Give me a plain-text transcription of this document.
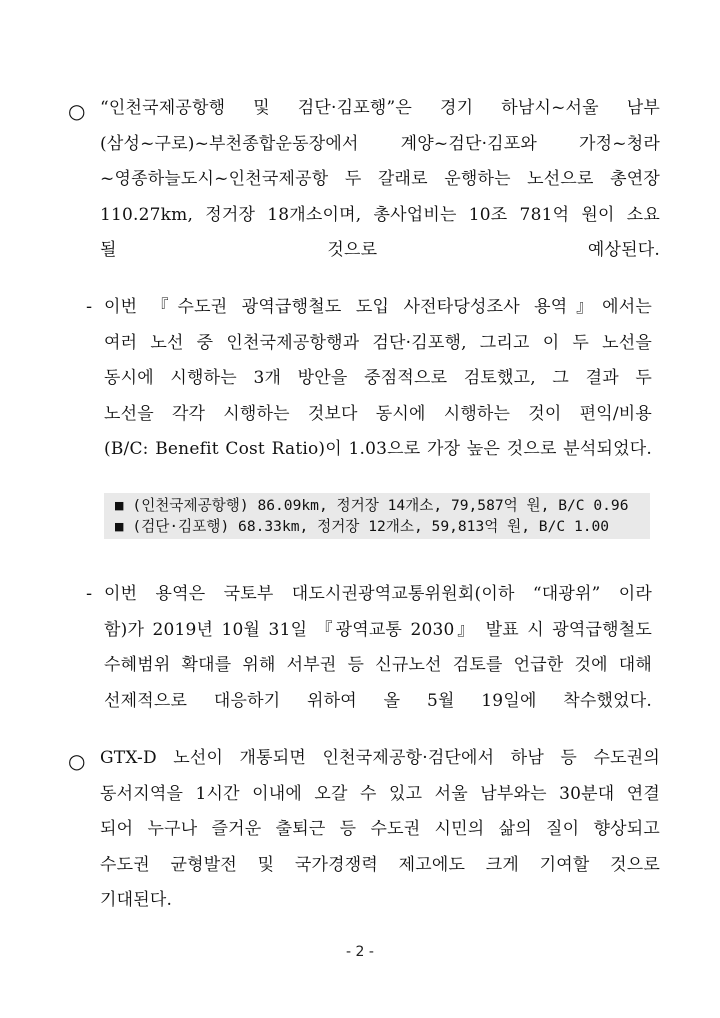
○ “인천국제공항행 및 검단·김포행”은 경기 하남시~서울 남부
(삼성~구로)~부천종합운동장에서 계양~검단·김포와 가정~청라
~영종하늘도시~인천국제공항 두 갈래로 운행하는 노선으로 총연장
110.27km, 정거장 18개소이며, 총사업비는 10조 781억 원이 소요
될 것으로 예상된다.
- 이번 『수도권 광역급행철도 도입 사전타당성조사 용역』에서는
여러 노선 중 인천국제공항행과 검단·김포행, 그리고 이 두 노선을
동시에 시행하는 3개 방안을 중점적으로 검토했고, 그 결과 두
노선을 각각 시행하는 것보다 동시에 시행하는 것이 편익/비용
(B/C: Benefit Cost Ratio)이 1.03으로 가장 높은 것으로 분석되었다.
■ (인천국제공항행) 86.09km, 정거장 14개소, 79,587억 원, B/C 0.96
■ (검단·김포행) 68.33km, 정거장 12개소, 59,813억 원, B/C 1.00
- 이번 용역은 국토부 대도시권광역교통위원회(이하 “대광위” 이라
함)가 2019년 10월 31일 『광역교통 2030』 발표 시 광역급행철도
수혜범위 확대를 위해 서부권 등 신규노선 검토를 언급한 것에 대해
선제적으로 대응하기 위하여 올 5월 19일에 착수했었다.
○ GTX-D 노선이 개통되면 인천국제공항·검단에서 하남 등 수도권의
동서지역을 1시간 이내에 오갈 수 있고 서울 남부와는 30분대 연결
되어 누구나 즐거운 출퇴근 등 수도권 시민의 삶의 질이 향상되고
수도권 균형발전 및 국가경쟁력 제고에도 크게 기여할 것으로
기대된다.
- 2 -
